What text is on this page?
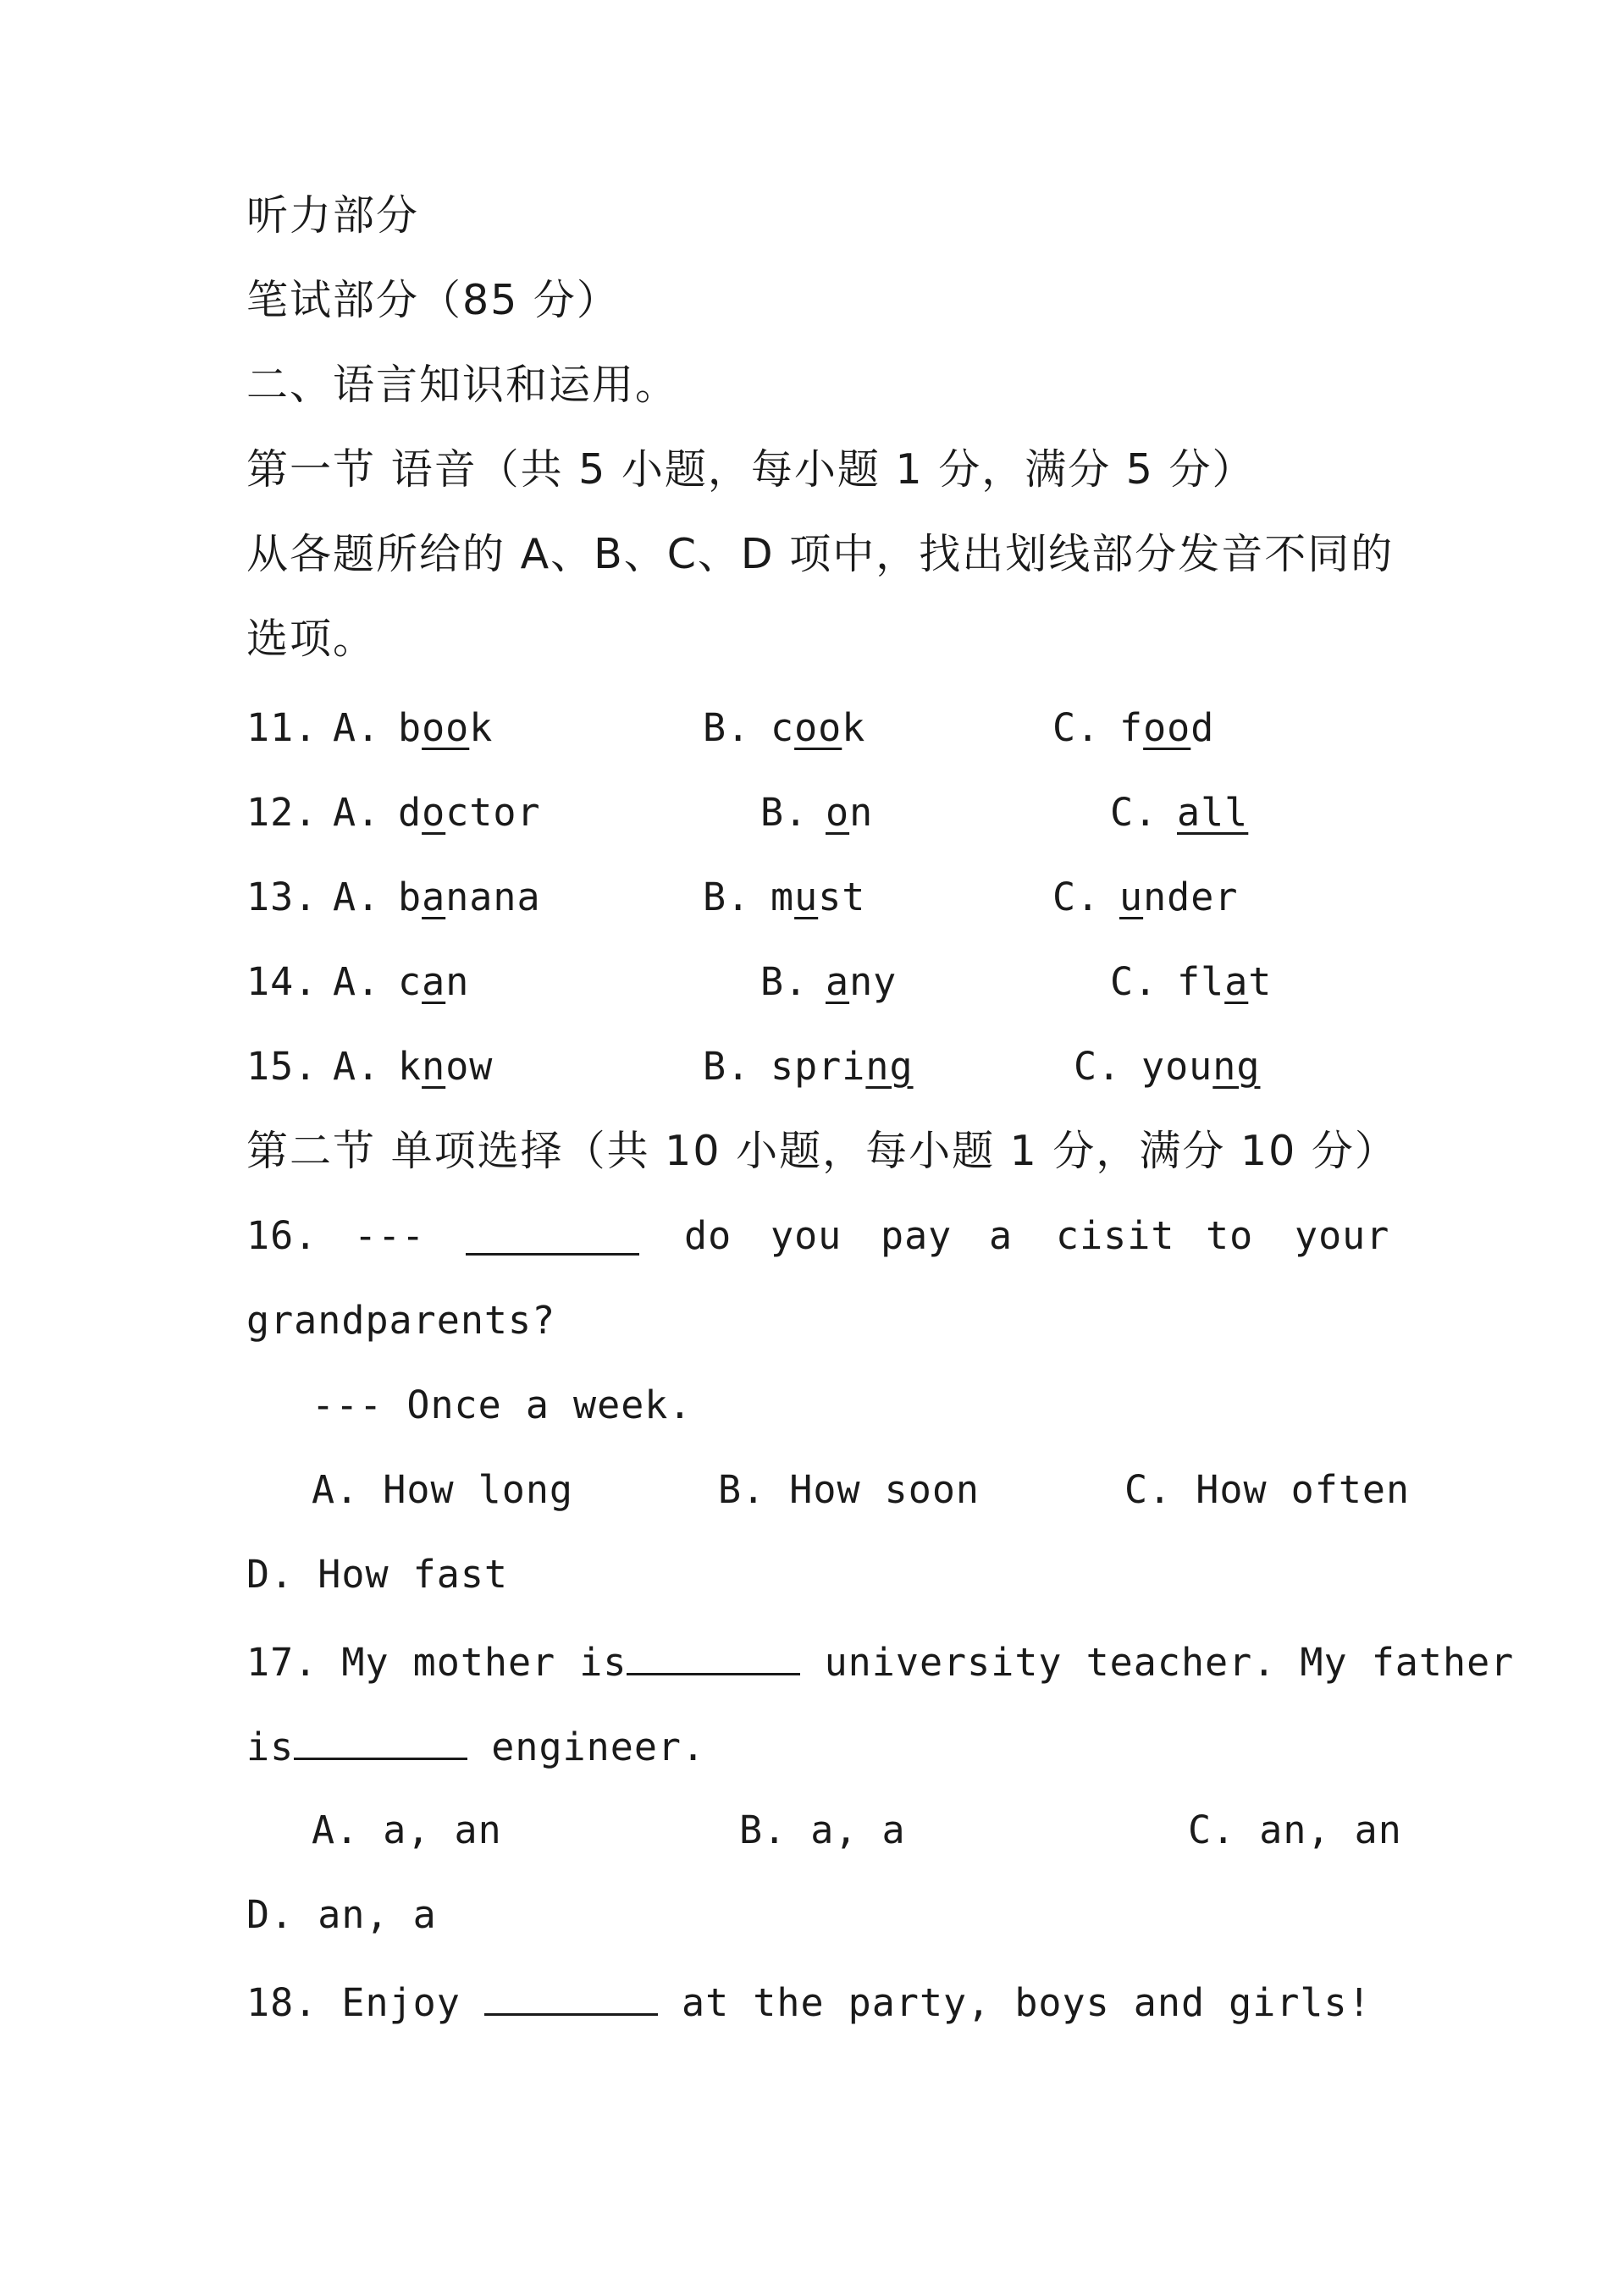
听力部分
笔试部分（85 分）
二、语言知识和运用。
第一节 语音（共 5 小题，每小题 1 分，满分 5 分）
从各题所给的 A、B、C、D 项中，找出划线部分发音不同的
选项。
11. A. book	B. cook	C. food
12. A. doctor	B. on	C. all
13. A. banana	B. must	C. under
14. A. can	B. any	C. flat
15. A. know	B. spring	C. young
第二节 单项选择（共 10 小题，每小题 1 分，满分 10 分）
16. ---	do you pay a cisit to your
grandparents?
--- Once a week.
A. How long	B. How soon	C. How often
D. How fast
17. My mother is	university teacher. My father
is	engineer.
A. a, an	B. a, a	C. an, an
D. an, a
18. Enjoy	at the party, boys and girls!
